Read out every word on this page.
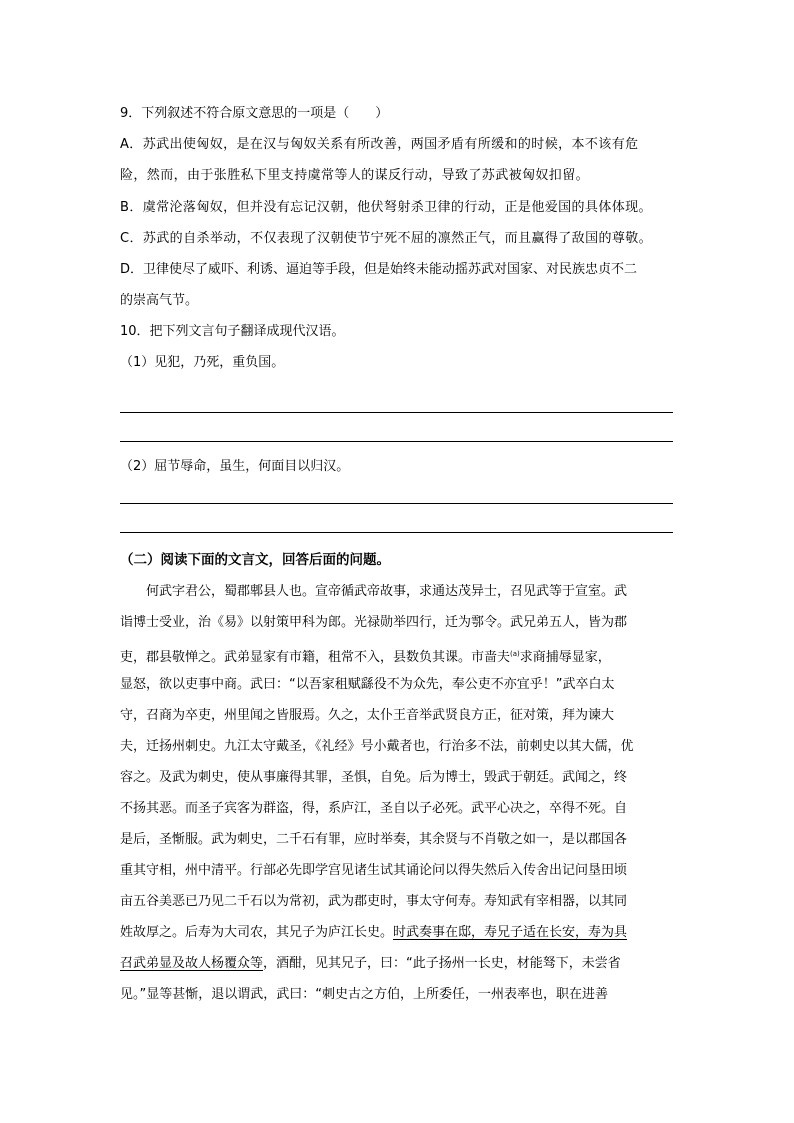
9．下列叙述不符合原文意思的一项是（　　）
A．苏武出使匈奴，是在汉与匈奴关系有所改善，两国矛盾有所缓和的时候，本不该有危
险，然而，由于张胜私下里支持虞常等人的谋反行动，导致了苏武被匈奴扣留。
B．虞常沦落匈奴，但并没有忘记汉朝，他伏弩射杀卫律的行动，正是他爱国的具体体现。
C．苏武的自杀举动，不仅表现了汉朝使节宁死不屈的凛然正气，而且赢得了敌国的尊敬。
D．卫律使尽了威吓、利诱、逼迫等手段，但是始终未能动摇苏武对国家、对民族忠贞不二
的崇高气节。
10．把下列文言句子翻译成现代汉语。
（1）见犯，乃死，重负国。
（2）屈节辱命，虽生，何面目以归汉。
（二）阅读下面的文言文，回答后面的问题。
　　何武字君公，蜀郡郫县人也。宣帝循武帝故事，求通达茂异士，召见武等于宣室。武
诣博士受业，治《易》以射策甲科为郎。光禄勋举四行，迁为鄠令。武兄弟五人，皆为郡
吏，郡县敬惮之。武弟显家有市籍，租常不入，县数负其课。市啬夫$^{(a)}$求商捕辱显家，
显怒，欲以吏事中商。武曰：“以吾家租赋繇役不为众先，奉公吏不亦宜乎！”武卒白太
守，召商为卒吏，州里闻之皆服焉。久之，太仆王音举武贤良方正，征对策，拜为谏大
夫，迁扬州刺史。九江太守戴圣，《礼经》号小戴者也，行治多不法，前刺史以其大儒，优
容之。及武为刺史，使从事廉得其罪，圣惧，自免。后为博士，毁武于朝廷。武闻之，终
不扬其恶。而圣子宾客为群盗，得，系庐江，圣自以子必死。武平心决之，卒得不死。自
是后，圣惭服。武为刺史，二千石有罪，应时举奏，其余贤与不肖敬之如一，是以郡国各
重其守相，州中清平。行部必先即学宫见诸生试其诵论问以得失然后入传舍出记问垦田顷
亩五谷美恶已乃见二千石以为常初，武为郡吏时，事太守何寿。寿知武有宰相器，以其同
姓故厚之。后寿为大司农，其兄子为庐江长史。时武奏事在邸，寿兄子适在长安，寿为具
召武弟显及故人杨覆众等，酒酣，见其兄子，曰：“此子扬州一长史，材能驽下，未尝省
见。”显等甚惭，退以谓武，武曰：“刺史古之方伯，上所委任，一州表率也，职在进善
